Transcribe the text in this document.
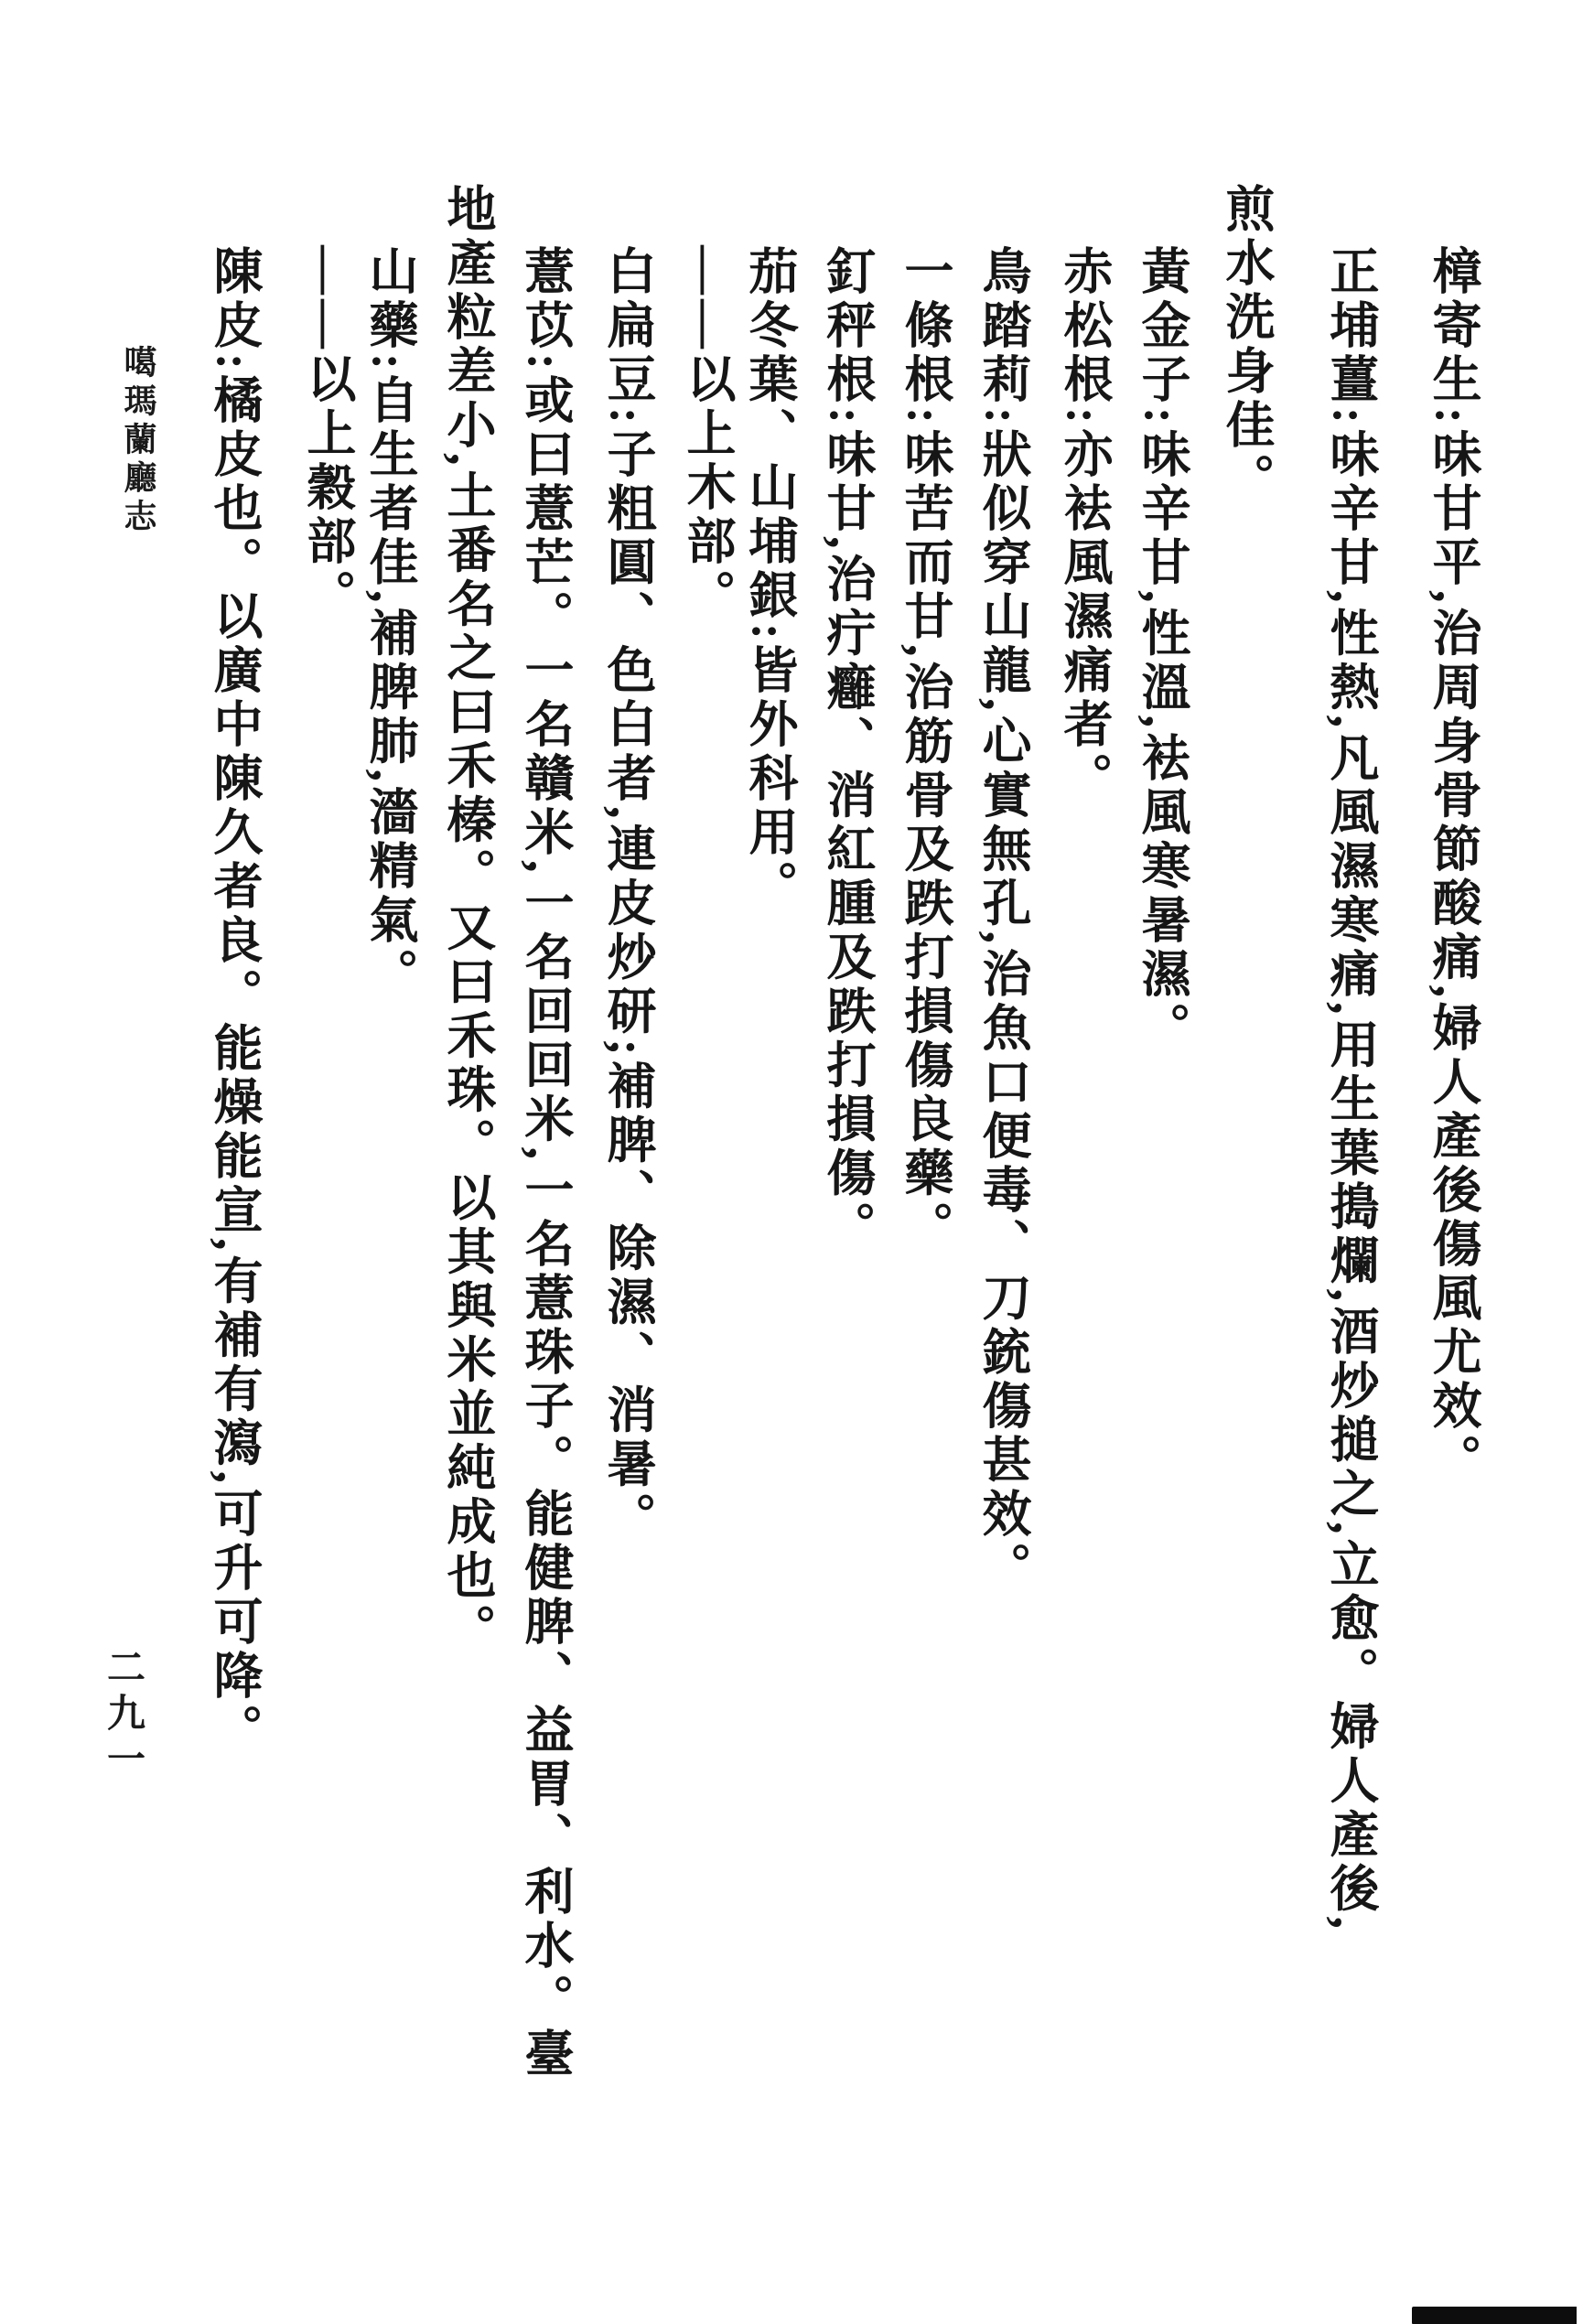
樟寄生:味甘平,治周身骨節酸痛,婦人產後傷風尤效。
正埔薑:味辛甘,性熱,凡風濕寒痛,用生葉搗爛,酒炒搥之,立愈。婦人產後,
煎水洗身佳。
黃金子:味辛甘,性溫,袪風寒暑濕。
赤松根:亦袪風濕痛者。
鳥踏莉:狀似穿山龍,心實無孔,治魚口便毒、刀銃傷甚效。
一條根:味苦而甘,治筋骨及跌打損傷良藥。
釘秤根:味甘,治疔癰、消紅腫及跌打損傷。
茄冬葉、山埔銀:皆外科用。
——以上木部。
白扁豆:子粗圓、色白者,連皮炒研;補脾、除濕、消暑。
薏苡:或曰薏芒。一名贛米,一名回回米,一名薏珠子。能健脾、益胃、利水。臺
地產粒差小,土番名之曰禾榛。又曰禾珠。以其與米並純成也。
山藥:自生者佳,補脾肺,濇精氣。
——以上穀部。
陳皮:橘皮也。以廣中陳久者良。能燥能宣,有補有瀉,可升可降。
噶瑪蘭廳志
二九一
